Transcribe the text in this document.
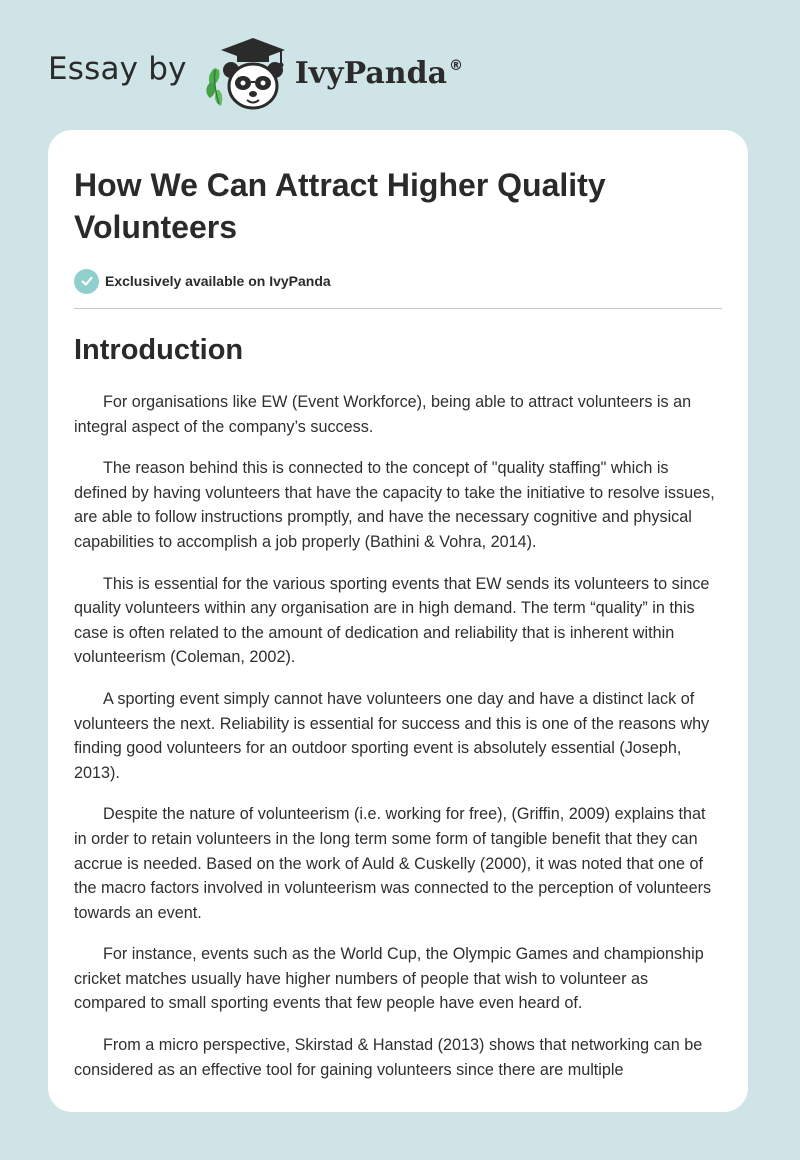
Essay by	IvyPanda ®
How We Can Attract Higher Quality Volunteers
Exclusively available on IvyPanda
Introduction

For organisations like EW (Event Workforce), being able to attract volunteers is an integral aspect of the company’s success.

The reason behind this is connected to the concept of "quality staffing" which is defined by having volunteers that have the capacity to take the initiative to resolve issues, are able to follow instructions promptly, and have the necessary cognitive and physical capabilities to accomplish a job properly (Bathini & Vohra, 2014).

This is essential for the various sporting events that EW sends its volunteers to since quality volunteers within any organisation are in high demand. The term “quality” in this case is often related to the amount of dedication and reliability that is inherent within volunteerism (Coleman, 2002).

A sporting event simply cannot have volunteers one day and have a distinct lack of volunteers the next. Reliability is essential for success and this is one of the reasons why finding good volunteers for an outdoor sporting event is absolutely essential (Joseph, 2013).

Despite the nature of volunteerism (i.e. working for free), (Griffin, 2009) explains that in order to retain volunteers in the long term some form of tangible benefit that they can accrue is needed. Based on the work of Auld & Cuskelly (2000), it was noted that one of the macro factors involved in volunteerism was connected to the perception of volunteers towards an event.

For instance, events such as the World Cup, the Olympic Games and championship cricket matches usually have higher numbers of people that wish to volunteer as compared to small sporting events that few people have even heard of.

From a micro perspective, Skirstad & Hanstad (2013) shows that networking can be considered as an effective tool for gaining volunteers since there are multiple
